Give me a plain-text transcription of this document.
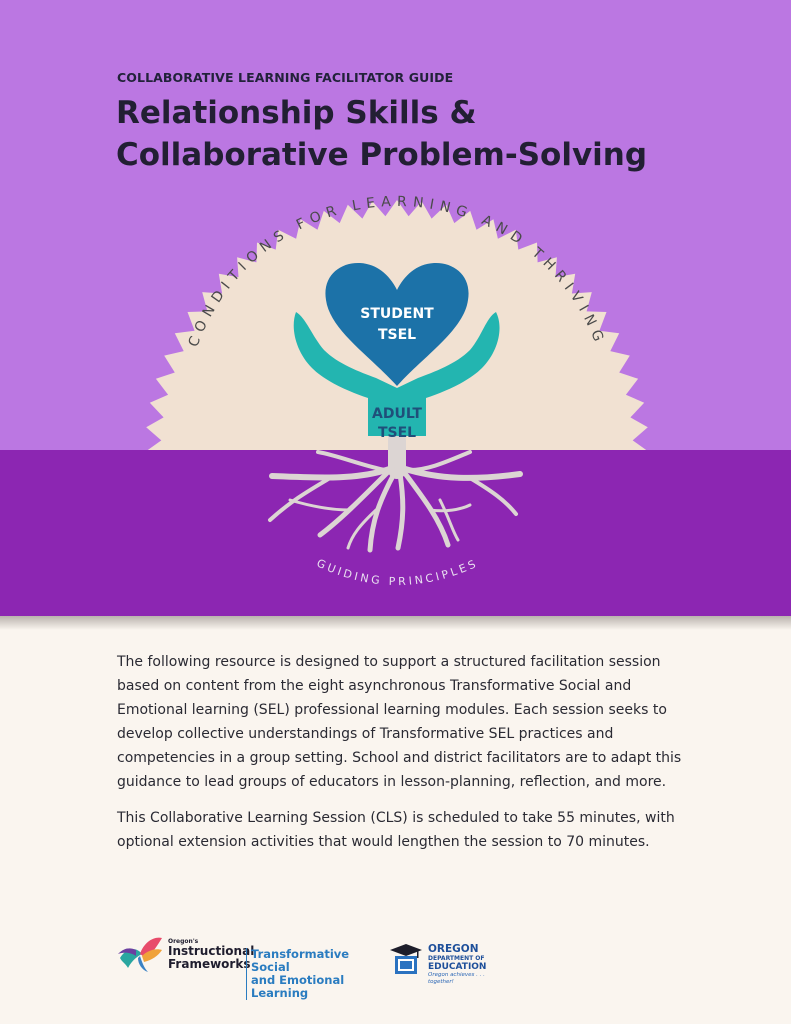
COLLABORATIVE LEARNING FACILITATOR GUIDE

Relationship Skills &
Collaborative Problem-Solving
CONDITIONS FOR LEARNING AND THRIVING
STUDENT
TSEL
ADULT
TSEL
GUIDING PRINCIPLES

The following resource is designed to support a structured facilitation session based on content from the eight asynchronous Transformative Social and Emotional learning (SEL) professional learning modules. Each session seeks to develop collective understandings of Transformative SEL practices and competencies in a group setting. School and district facilitators are to adapt this guidance to lead groups of educators in lesson-planning, reflection, and more.

This Collaborative Learning Session (CLS) is scheduled to take 55 minutes, with optional extension activities that would lengthen the session to 70 minutes.

Oregon's
Instructional
Frameworks
Transformative Social
and Emotional Learning
OREGON
DEPARTMENT OF
EDUCATION
Oregon achieves . . . together!
